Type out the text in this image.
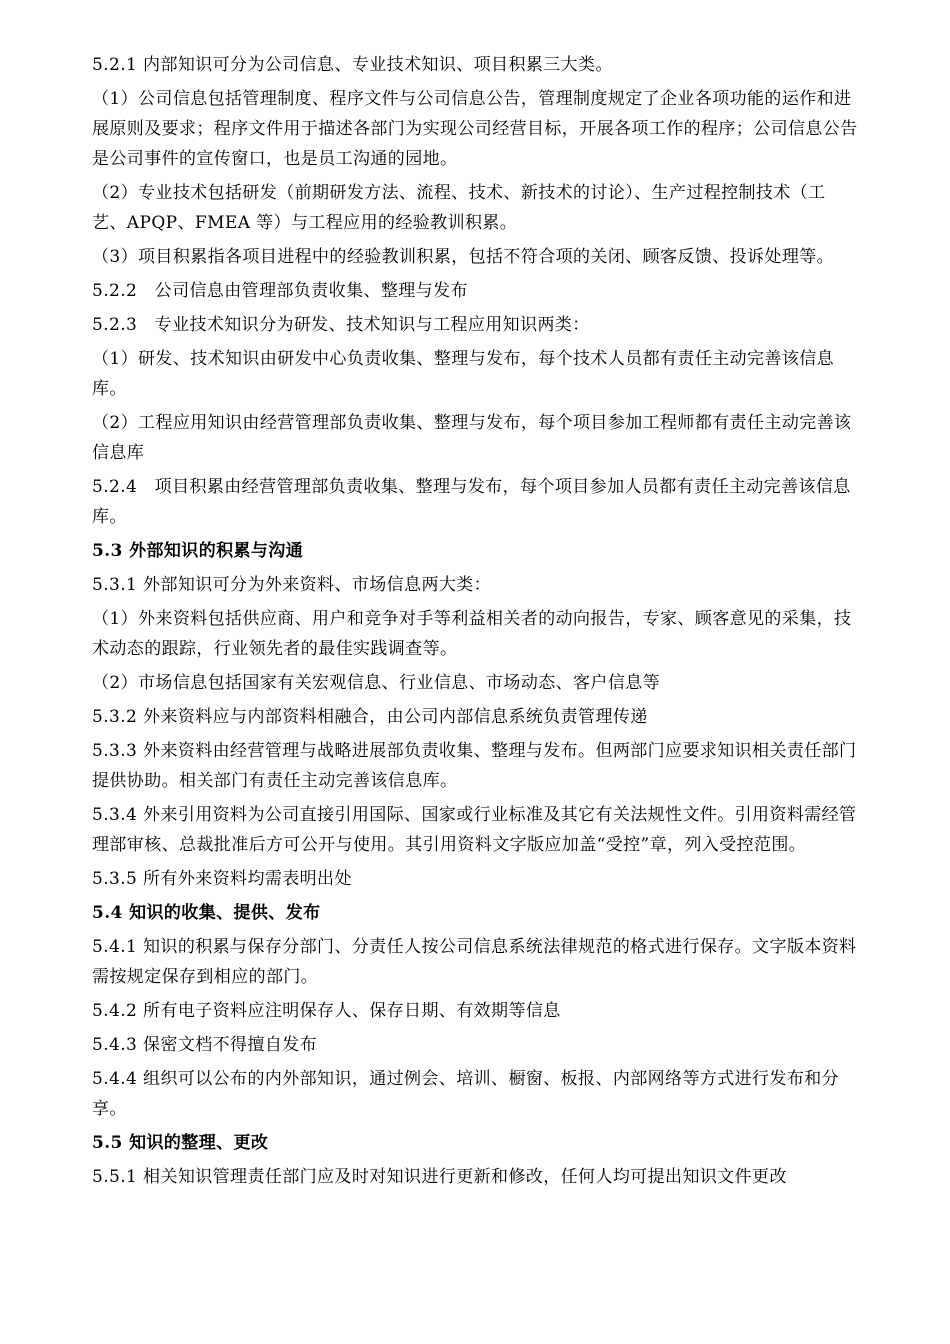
5.2.1 内部知识可分为公司信息、专业技术知识、项目积累三大类。

（1）公司信息包括管理制度、程序文件与公司信息公告，管理制度规定了企业各项功能的运作和进展原则及要求；程序文件用于描述各部门为实现公司经营目标，开展各项工作的程序；公司信息公告是公司事件的宣传窗口，也是员工沟通的园地。

（2）专业技术包括研发（前期研发方法、流程、技术、新技术的讨论）、生产过程控制技术（工艺、APQP、FMEA 等）与工程应用的经验教训积累。

（3）项目积累指各项目进程中的经验教训积累，包括不符合项的关闭、顾客反馈、投诉处理等。

5.2.2   公司信息由管理部负责收集、整理与发布

5.2.3   专业技术知识分为研发、技术知识与工程应用知识两类：

（1）研发、技术知识由研发中心负责收集、整理与发布，每个技术人员都有责任主动完善该信息库。

（2）工程应用知识由经营管理部负责收集、整理与发布，每个项目参加工程师都有责任主动完善该信息库

5.2.4   项目积累由经营管理部负责收集、整理与发布，每个项目参加人员都有责任主动完善该信息库。

5.3 外部知识的积累与沟通

5.3.1 外部知识可分为外来资料、市场信息两大类：

（1）外来资料包括供应商、用户和竞争对手等利益相关者的动向报告，专家、顾客意见的采集，技术动态的跟踪，行业领先者的最佳实践调查等。

（2）市场信息包括国家有关宏观信息、行业信息、市场动态、客户信息等

5.3.2 外来资料应与内部资料相融合，由公司内部信息系统负责管理传递

5.3.3 外来资料由经营管理与战略进展部负责收集、整理与发布。但两部门应要求知识相关责任部门提供协助。相关部门有责任主动完善该信息库。

5.3.4 外来引用资料为公司直接引用国际、国家或行业标准及其它有关法规性文件。引用资料需经管理部审核、总裁批准后方可公开与使用。其引用资料文字版应加盖“受控”章，列入受控范围。

5.3.5 所有外来资料均需表明出处

5.4 知识的收集、提供、发布

5.4.1 知识的积累与保存分部门、分责任人按公司信息系统法律规范的格式进行保存。文字版本资料需按规定保存到相应的部门。

5.4.2 所有电子资料应注明保存人、保存日期、有效期等信息

5.4.3 保密文档不得擅自发布

5.4.4 组织可以公布的内外部知识，通过例会、培训、橱窗、板报、内部网络等方式进行发布和分享。

5.5 知识的整理、更改

5.5.1 相关知识管理责任部门应及时对知识进行更新和修改，任何人均可提出知识文件更改
